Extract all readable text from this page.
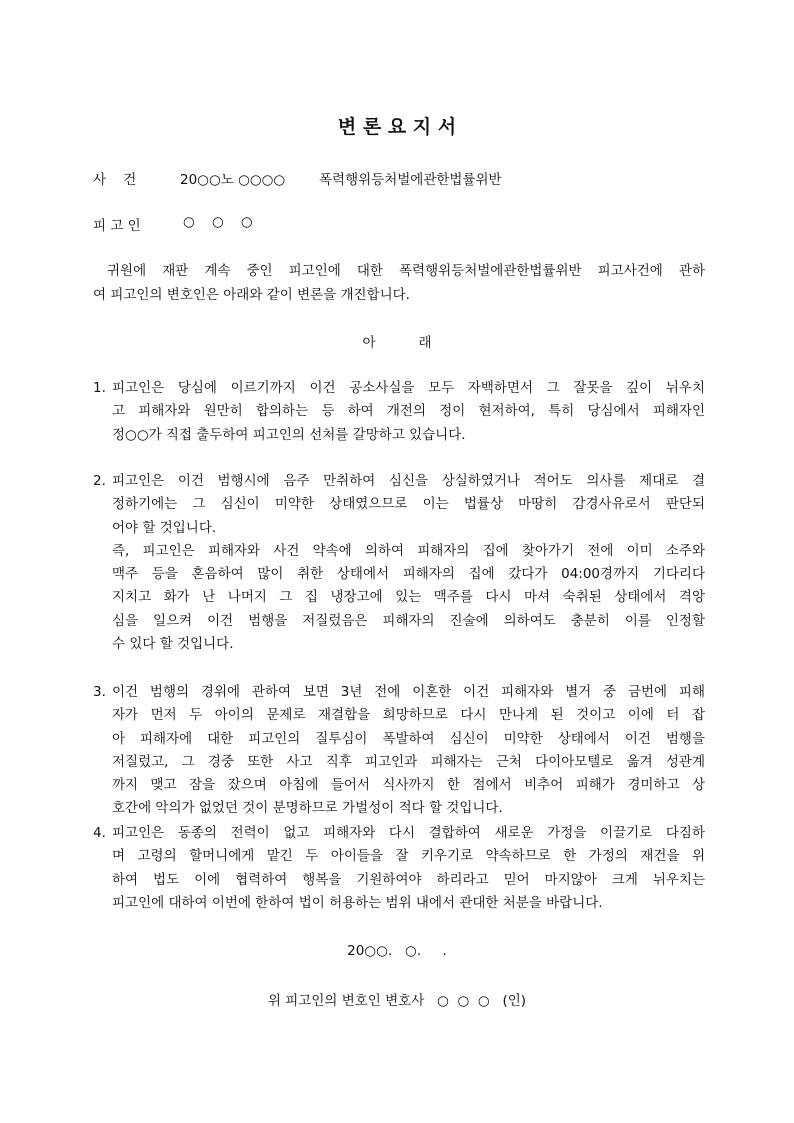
변 론 요 지 서
사    건	20○○노 ○○○○	폭력행위등처벌에관한법률위반
피 고 인	○    ○    ○
귀원에 재판 계속 중인 피고인에 대한 폭력행위등처벌에관한법률위반 피고사건에 관하
여 피고인의 변호인은 아래와 같이 변론을 개진합니다.
아          래
1. 피고인은 당심에 이르기까지 이건 공소사실을 모두 자백하면서 그 잘못을 깊이 뉘우치
고 피해자와 원만히 합의하는 등 하여 개전의 정이 현저하여, 특히 당심에서 피해자인
정○○가 직접 출두하여 피고인의 선처를 갈망하고 있습니다.
2. 피고인은 이건 범행시에 음주 만취하여 심신을 상실하였거나 적어도 의사를 제대로 결
정하기에는 그 심신이 미약한 상태였으므로 이는 법률상 마땅히 감경사유로서 판단되
어야 할 것입니다.
즉, 피고인은 피해자와 사건 약속에 의하여 피해자의 집에 찾아가기 전에 이미 소주와
맥주 등을 혼음하여 많이 취한 상태에서 피해자의 집에 갔다가 04:00경까지 기다리다
지치고 화가 난 나머지 그 집 냉장고에 있는 맥주를 다시 마셔 숙취된 상태에서 격앙
심을 일으켜 이건 범행을 저질렀음은 피해자의 진술에 의하여도 충분히 이를 인정할
수 있다 할 것입니다.
3. 이건 범행의 경위에 관하여 보면 3년 전에 이혼한 이건 피해자와 별거 중 금번에 피해
자가 먼저 두 아이의 문제로 재결합을 희망하므로 다시 만나게 된 것이고 이에 터 잡
아 피해자에 대한 피고인의 질투심이 폭발하여 심신이 미약한 상태에서 이건 범행을
저질렀고, 그 경중 또한 사고 직후 피고인과 피해자는 근처 다이아모텔로 옮겨 성관계
까지 맺고 잠을 잤으며 아침에 들어서 식사까지 한 점에서 비추어 피해가 경미하고 상
호간에 악의가 없었던 것이 분명하므로 가벌성이 적다 할 것입니다.
4. 피고인은 동종의 전력이 없고 피해자와 다시 결합하여 새로운 가정을 이끌기로 다짐하
며 고령의 할머니에게 맡긴 두 아이들을 잘 키우기로 약속하므로 한 가정의 재건을 위
하여 법도 이에 협력하여 행복을 기원하여야 하리라고 믿어 마지않아 크게 뉘우치는
피고인에 대하여 이번에 한하여 법이 허용하는 범위 내에서 관대한 처분을 바랍니다.
20○○.   ○.     .
위 피고인의 변호인 변호사   ○  ○  ○   (인)
